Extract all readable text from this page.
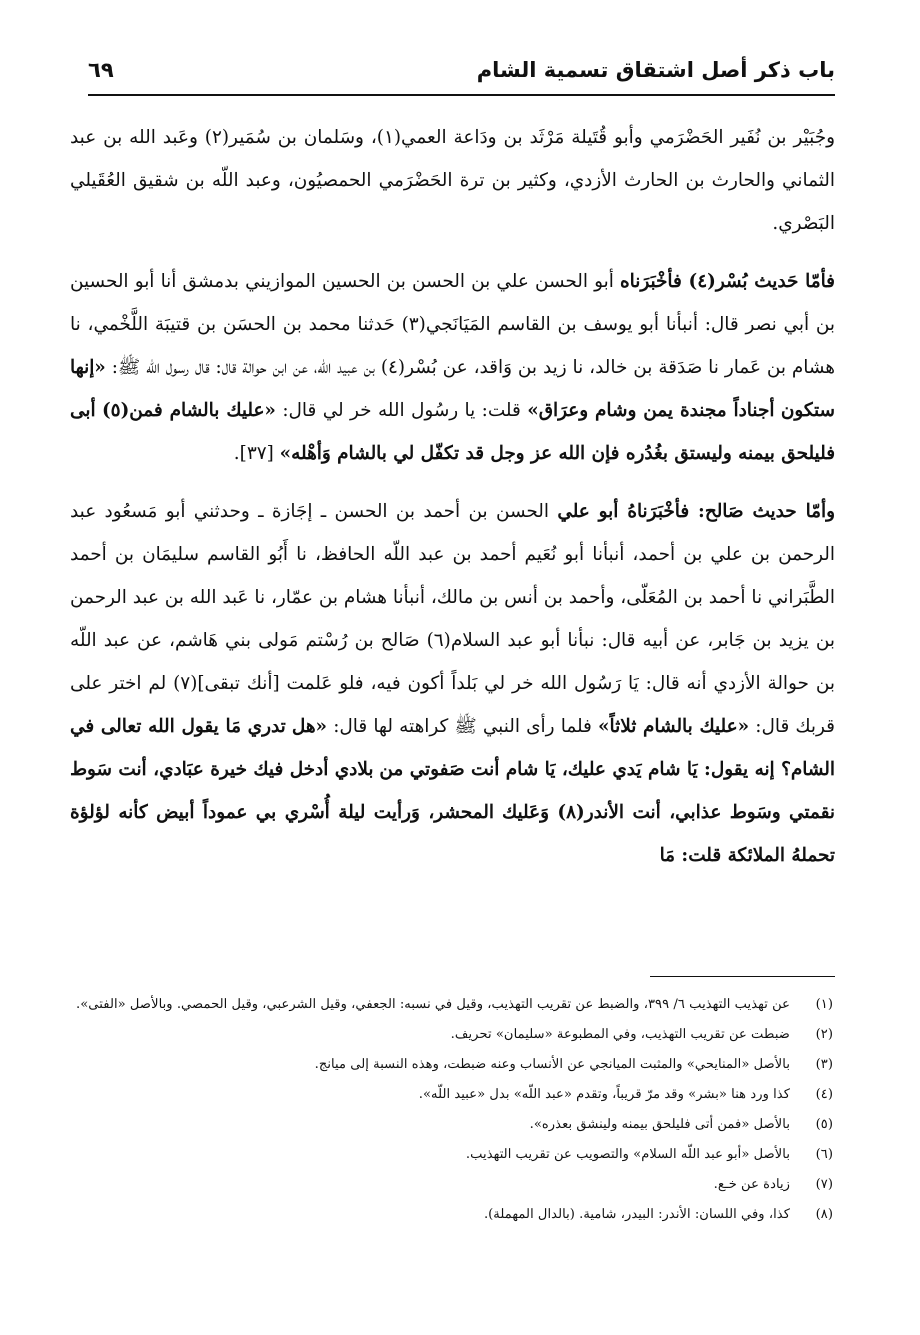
باب ذكر أصل اشتقاق تسمية الشام
٦٩

وجُبَيْر بن نُفَير الحَضْرَمي وأبو قُتَيلة مَرْثَد بن ودَاعة العمي(١)، وسَلمان بن سُمَير(٢) وعَبد الله بن عبد الثماني والحارث بن الحارث الأزدي، وكثير بن ترة الحَضْرَمي الحمصيُون، وعبد اللّه بن شقيق العُقَيلي البَصْري.

فأمّا حَديث بُسْر(٤) فأخْبَرَناه أبو الحسن علي بن الحسن بن الحسين الموازيني بدمشق أنا أبو الحسين بن أبي نصر قال: أنبأنا أبو يوسف بن القاسم المَيَانَجي(٣) حَدثنا محمد بن الحسَن بن قتيبَة اللَّخْمي، نا هشام بن عَمار نا صَدَقة بن خالد، نا زيد بن وَاقد، عن بُسْر(٤) بن عبيد الله، عن ابن حوالة قال: قال رسول الله ﷺ: «إنها ستكون أجناداً مجندة يمن وشام وعرَاق» قلت: يا رسُول الله خر لي قال: «عليك بالشام فمن(٥) أبى فليلحق بيمنه وليستق بغُدُره فإن الله عز وجل قد تكفّل لي بالشام وَأهْله» [٣٧].

وأمّا حديث صَالح: فأخْبَرَناهُ أبو علي الحسن بن أحمد بن الحسن ـ إجَازة ـ وحدثني أبو مَسعُود عبد الرحمن بن علي بن أحمد، أنبأنا أبو نُعَيم أحمد بن عبد اللّه الحافظ، نا أَبُو القاسم سليمَان بن أحمد الطَّبَراني نا أحمد بن المُعَلّى، وأحمد بن أنس بن مالك، أنبأنا هشام بن عمّار، نا عَبد الله بن عبد الرحمن بن يزيد بن جَابر، عن أبيه قال: نبأنا أبو عبد السلام(٦) صَالح بن رُسْتم مَولى بني هَاشم، عن عبد اللّه بن حوالة الأزدي أنه قال: يَا رَسُول الله خر لي بَلداً أكون فيه، فلو عَلمت [أنك تبقى](٧) لم اختر على قربك قال: «عليك بالشام ثلاثاً» فلما رأى النبي ﷺ كراهته لها قال: «هل تدري مَا يقول الله تعالى في الشام؟ إنه يقول: يَا شام يَدي عليك، يَا شام أنت صَفوتي من بلادي أدخل فيك خيرة عبَادي، أنت سَوط نقمتي وسَوط عذابي، أنت الأندر(٨) وَعَليك المحشر، وَرأيت ليلة أُسْري بي عموداً أبيض كأنه لؤلؤة تحملهُ الملائكة قلت: مَا

(١)
عن تهذيب التهذيب ٦/ ٣٩٩، والضبط عن تقريب التهذيب، وقيل في نسبه: الجعفي، وقيل الشرعبي، وقيل الحمصي. وبالأصل «الفتى».
(٢)
ضبطت عن تقريب التهذيب، وفي المطبوعة «سليمان» تحريف.
(٣)
بالأصل «المنايحي» والمثبت الميانجي عن الأنساب وعنه ضبطت، وهذه النسبة إلى ميانج.
(٤)
كذا ورد هنا «بشر» وقد مرّ قريباً، وتقدم «عبد اللّه» بدل «عبيد اللّه».
(٥)
بالأصل «فمن أتى فليلحق بيمنه ولينشق بعذره».
(٦)
بالأصل «أبو عبد اللّه السلام» والتصويب عن تقريب التهذيب.
(٧)
زيادة عن خـع.
(٨)
كذا، وفي اللسان: الأندر: البيدر، شامية. (بالدال المهملة).
